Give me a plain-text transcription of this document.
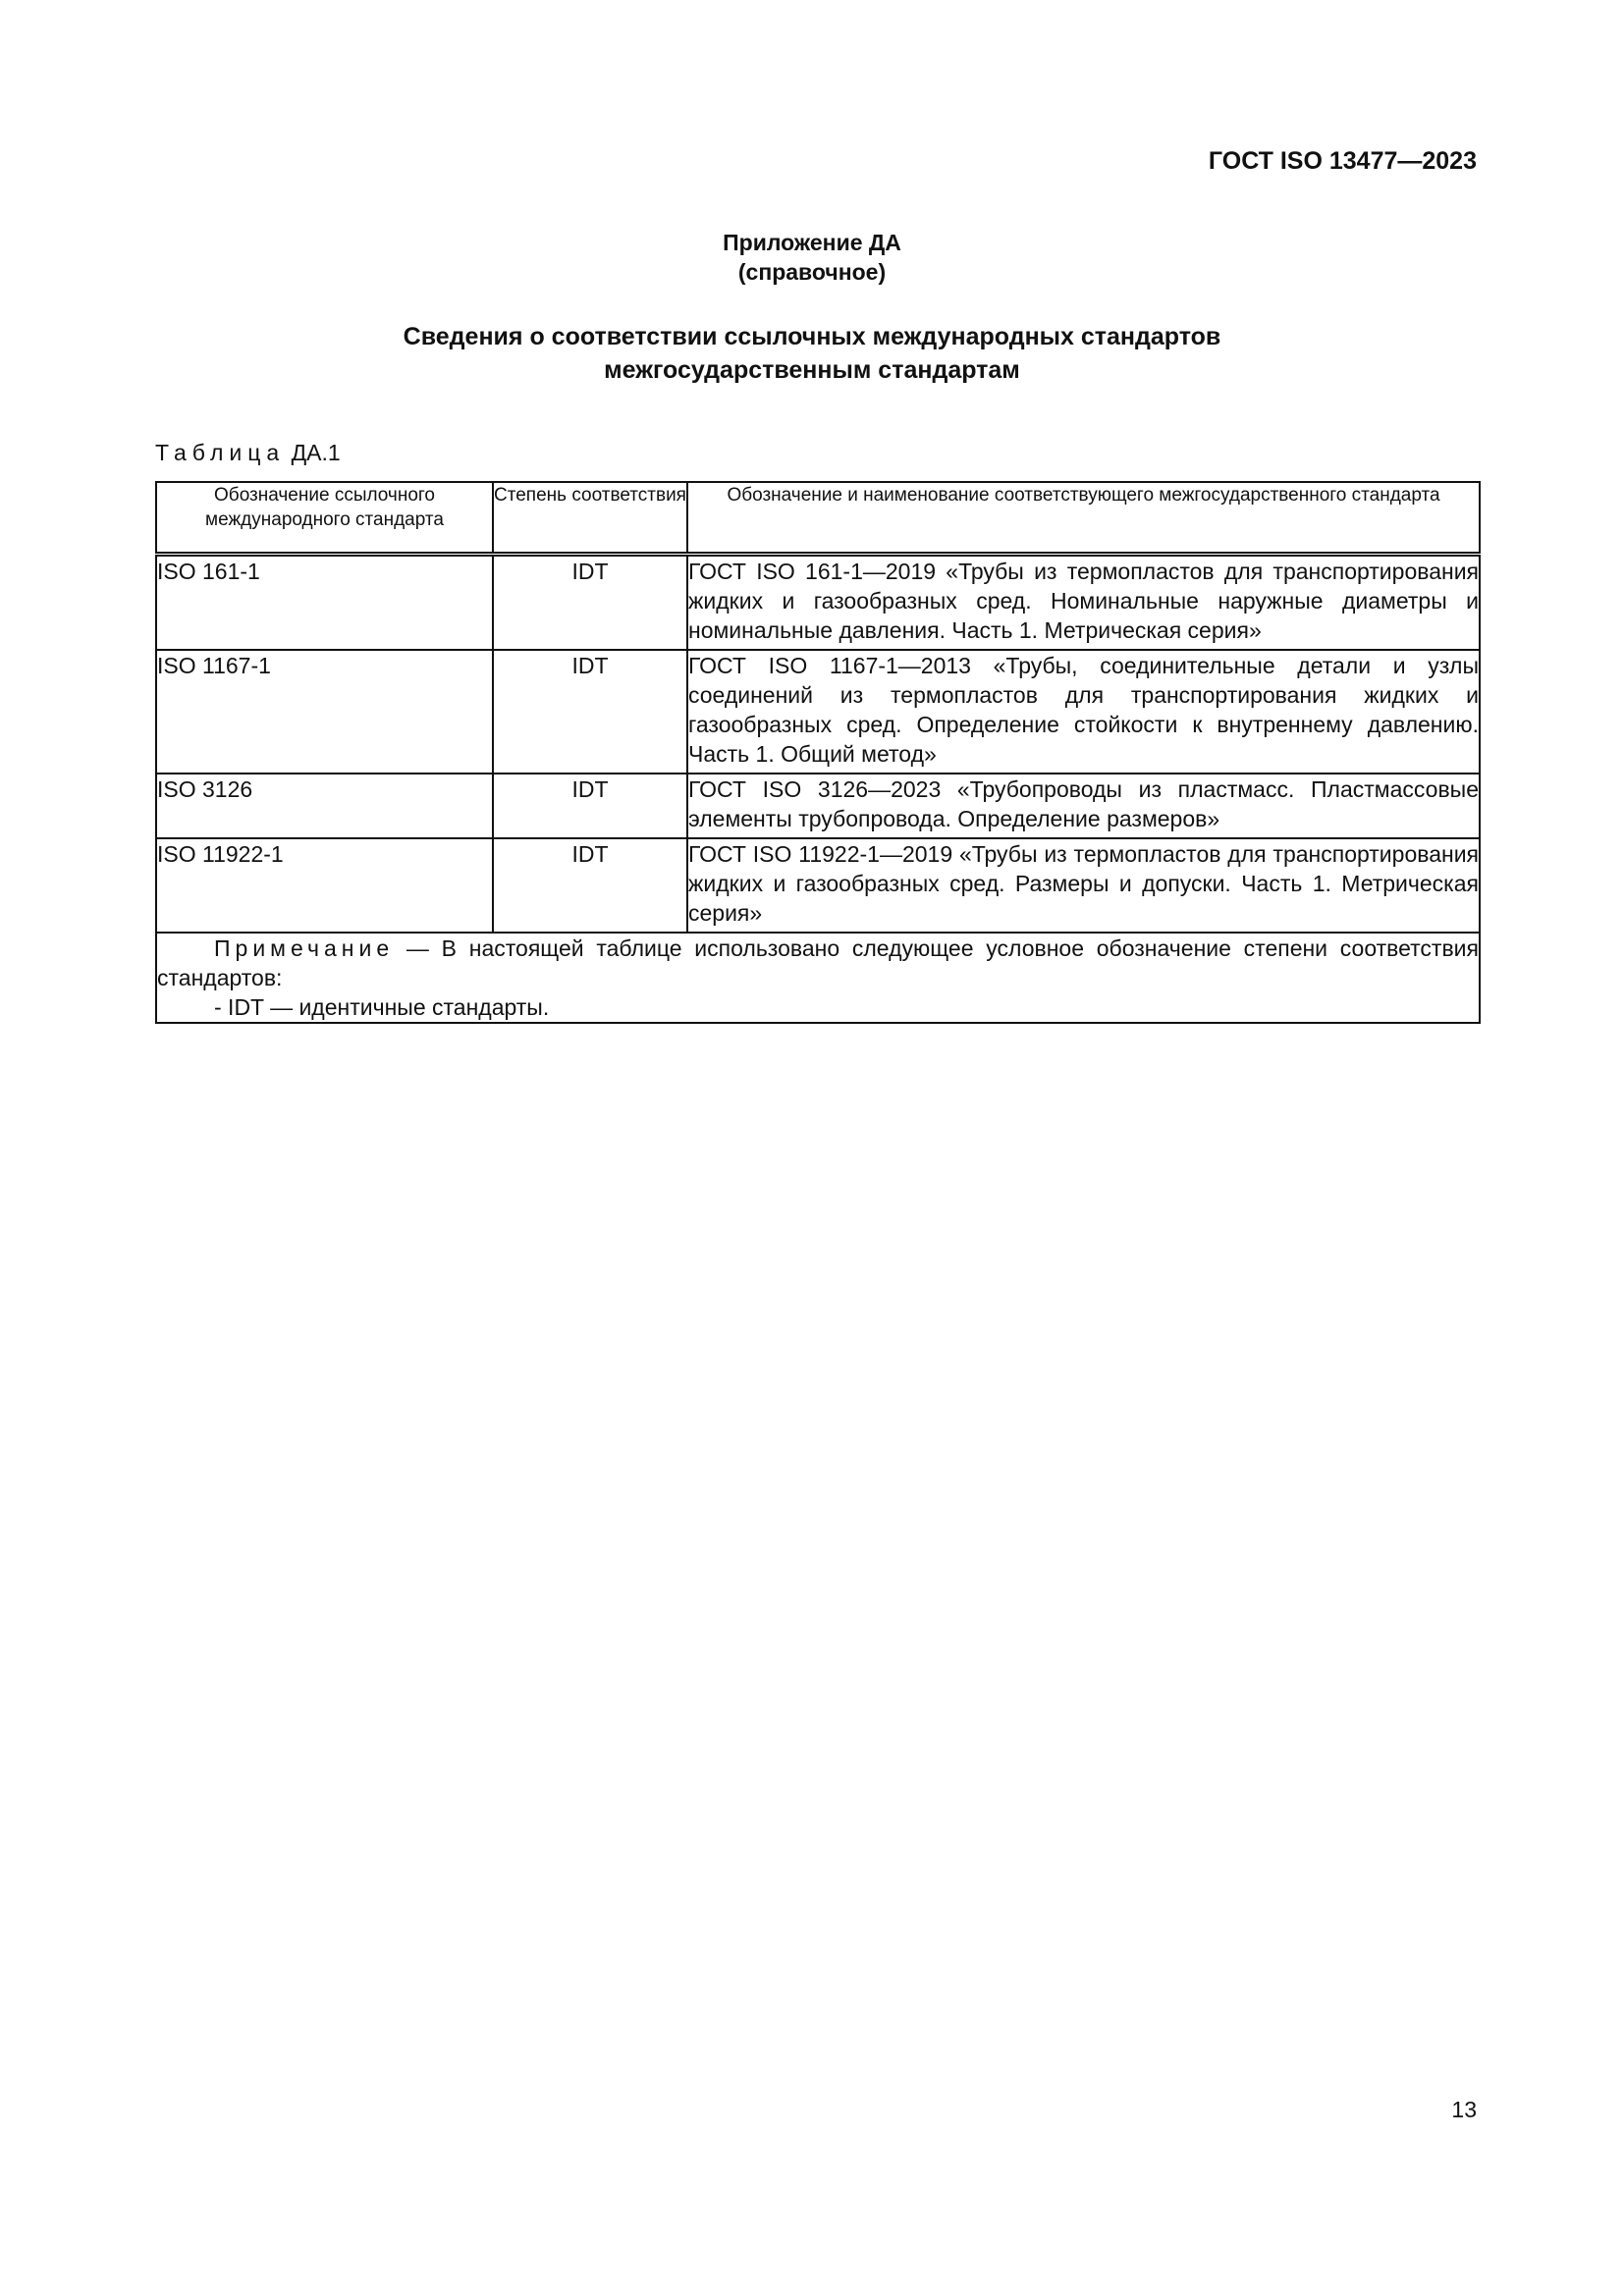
ГОСТ ISO 13477—2023
Приложение ДА
(справочное)
Сведения о соответствии ссылочных международных стандартов
межгосударственным стандартам
Таблица ДА.1
Обозначение ссылочного международного стандарта	Степень соответствия	Обозначение и наименование соответствующего межгосударственного стандарта
ISO 161-1	IDT	ГОСТ ISO 161-1—2019 «Трубы из термопластов для транспортирования жидких и газообразных сред. Номинальные наружные диаметры и номинальные давления. Часть 1. Метрическая серия»
ISO 1167-1	IDT	ГОСТ ISO 1167-1—2013 «Трубы, соединительные детали и узлы соединений из термопластов для транспортирования жидких и газообразных сред. Определение стойкости к внутреннему давлению. Часть 1. Общий метод»
ISO 3126	IDT	ГОСТ ISO 3126—2023 «Трубопроводы из пластмасс. Пластмассовые элементы трубопровода. Определение размеров»
ISO 11922-1	IDT	ГОСТ ISO 11922-1—2019 «Трубы из термопластов для транспортирования жидких и газообразных сред. Размеры и допуски. Часть 1. Метрическая серия»

Примечание — В настоящей таблице использовано следующее условное обозначение степени соответствия стандартов:
- IDT — идентичные стандарты.		
13
